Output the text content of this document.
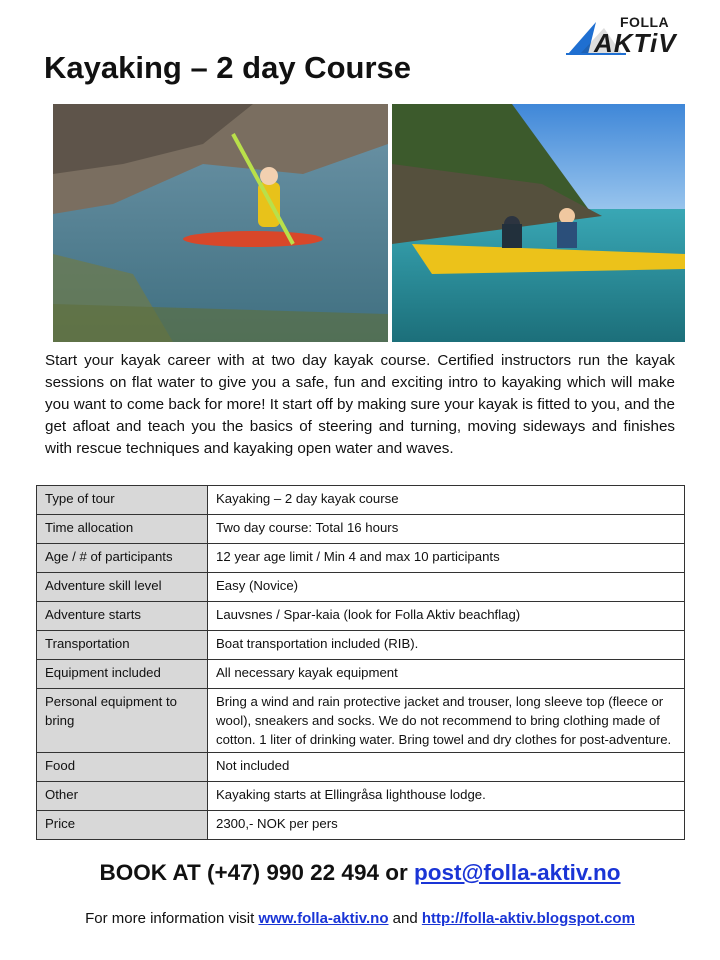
FOLLA
AKTiV
Kayaking – 2 day Course

Start your kayak career with at two day kayak course. Certified instructors run the kayak sessions on flat water to give you a safe, fun and exciting intro to kayaking which will make you want to come back for more! It start off by making sure your kayak is fitted to you, and the get afloat and teach you the basics of steering and turning, moving sideways and finishes with rescue techniques and kayaking open water and waves.

Type of tour	Kayaking – 2 day kayak course
Time allocation	Two day course: Total 16 hours
Age / # of participants	12 year age limit / Min 4 and max 10 participants
Adventure skill level	Easy (Novice)
Adventure starts	Lauvsnes / Spar-kaia (look for Folla Aktiv beachflag)
Transportation	Boat transportation included (RIB).
Equipment included	All necessary kayak equipment
Personal equipment to bring	Bring a wind and rain protective jacket and trouser, long sleeve top (fleece or wool), sneakers and socks. We do not recommend to bring clothing made of cotton. 1 liter of drinking water. Bring towel and dry clothes for post-adventure.
Food	Not included
Other	Kayaking starts at Ellingråsa lighthouse lodge.
Price	2300,- NOK per pers
BOOK AT (+47) 990 22 494 or post@folla-aktiv.no
For more information visit www.folla-aktiv.no and http://folla-aktiv.blogspot.com
